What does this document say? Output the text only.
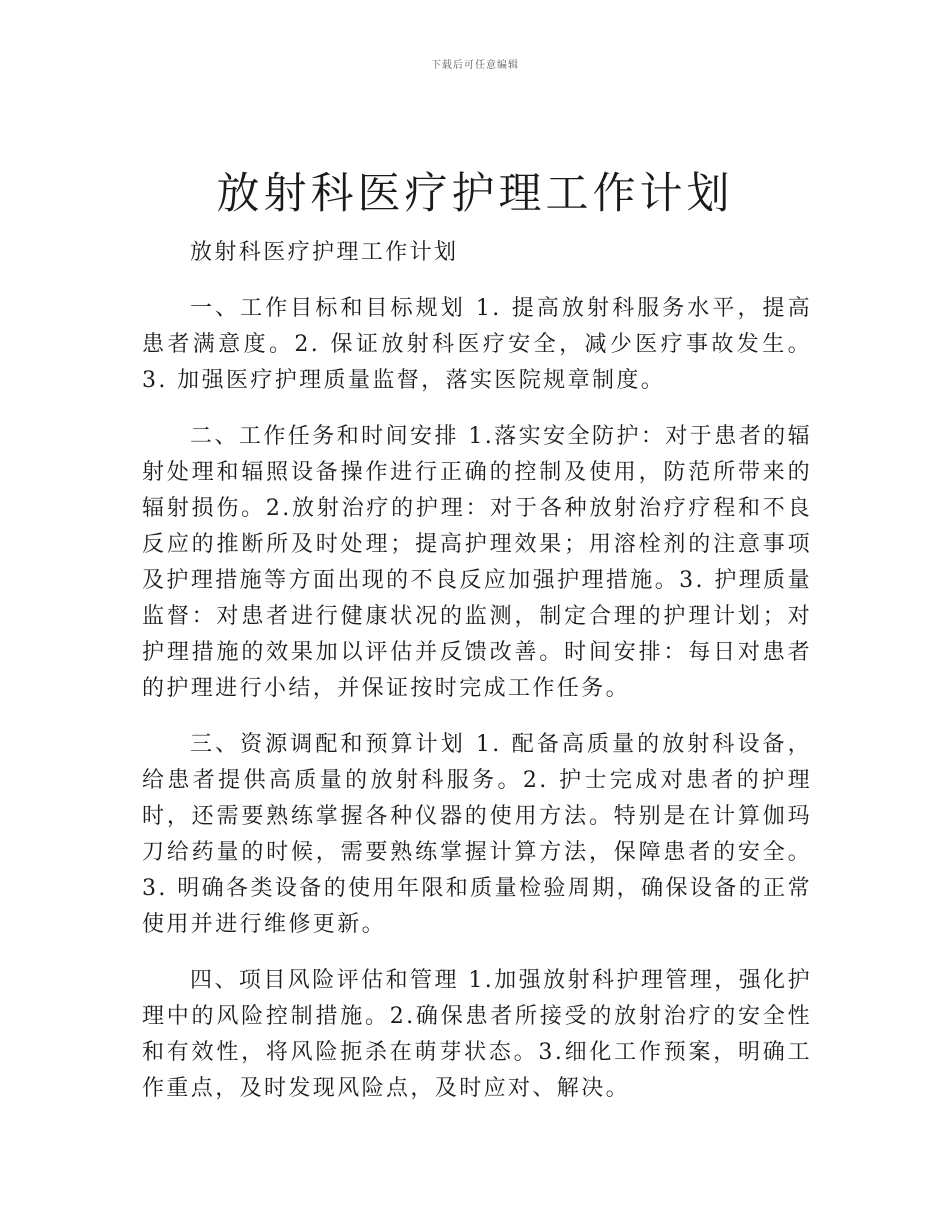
下载后可任意编辑
放射科医疗护理工作计划

放射科医疗护理工作计划

一、工作目标和目标规划 1. 提高放射科服务水平，提高患者满意度。2. 保证放射科医疗安全，减少医疗事故发生。3. 加强医疗护理质量监督，落实医院规章制度。

二、工作任务和时间安排 1.落实安全防护：对于患者的辐射处理和辐照设备操作进行正确的控制及使用，防范所带来的辐射损伤。2.放射治疗的护理：对于各种放射治疗疗程和不良反应的推断所及时处理；提高护理效果；用溶栓剂的注意事项及护理措施等方面出现的不良反应加强护理措施。3. 护理质量监督：对患者进行健康状况的监测，制定合理的护理计划；对护理措施的效果加以评估并反馈改善。时间安排：每日对患者的护理进行小结，并保证按时完成工作任务。

三、资源调配和预算计划 1. 配备高质量的放射科设备，给患者提供高质量的放射科服务。2. 护士完成对患者的护理时，还需要熟练掌握各种仪器的使用方法。特别是在计算伽玛刀给药量的时候，需要熟练掌握计算方法，保障患者的安全。3. 明确各类设备的使用年限和质量检验周期，确保设备的正常使用并进行维修更新。

四、项目风险评估和管理 1.加强放射科护理管理，强化护理中的风险控制措施。2.确保患者所接受的放射治疗的安全性和有效性，将风险扼杀在萌芽状态。3.细化工作预案，明确工作重点，及时发现风险点，及时应对、解决。
